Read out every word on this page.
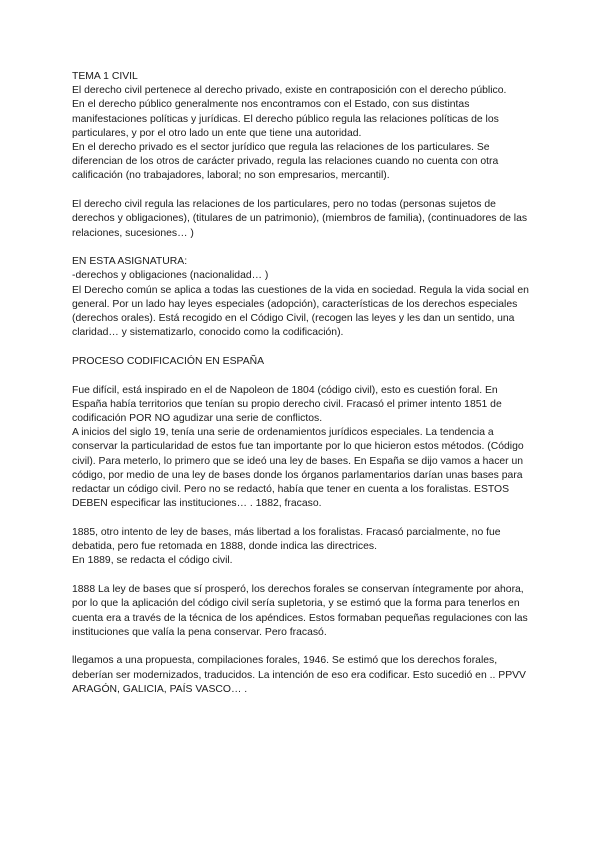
TEMA 1 CIVIL

El derecho civil pertenece al derecho privado, existe en contraposición con el derecho público.

En el derecho público generalmente nos encontramos con el Estado, con sus distintas manifestaciones políticas y jurídicas. El derecho público regula las relaciones políticas de los particulares, y por el otro lado un ente que tiene una autoridad.

En el derecho privado es el sector jurídico que regula las relaciones de los particulares. Se diferencian de los otros de carácter privado, regula las relaciones cuando no cuenta con otra calificación (no trabajadores, laboral; no son empresarios, mercantil).

El derecho civil regula las relaciones de los particulares, pero no todas (personas sujetos de derechos y obligaciones), (titulares de un patrimonio), (miembros de familia), (continuadores de las relaciones, sucesiones… )

EN ESTA ASIGNATURA:

-derechos y obligaciones (nacionalidad… )

El Derecho común se aplica a todas las cuestiones de la vida en sociedad. Regula la vida social en general. Por un lado hay leyes especiales (adopción), características de los derechos especiales (derechos orales). Está recogido en el Código Civil, (recogen las leyes y les dan un sentido, una claridad… y sistematizarlo, conocido como la codificación).

PROCESO CODIFICACIÓN EN ESPAÑA

Fue difícil, está inspirado en el de Napoleon de 1804 (código civil), esto es cuestión foral. En España había territorios que tenían su propio derecho civil. Fracasó el primer intento 1851 de codificación POR NO agudizar una serie de conflictos.

A inicios del siglo 19, tenía una serie de ordenamientos jurídicos especiales. La tendencia a conservar la particularidad de estos fue tan importante por lo que hicieron estos métodos. (Código civil). Para meterlo, lo primero que se ideó una ley de bases. En España se dijo vamos a hacer un código, por medio de una ley de bases donde los órganos parlamentarios darían unas bases para redactar un código civil. Pero no se redactó, había que tener en cuenta a los foralistas. ESTOS DEBEN especificar las instituciones… . 1882, fracaso.

1885, otro intento de ley de bases, más libertad a los foralistas. Fracasó parcialmente, no fue debatida, pero fue retomada en 1888, donde indica las directrices.

En 1889, se redacta el código civil.

1888 La ley de bases que sí prosperó, los derechos forales se conservan íntegramente por ahora, por lo que la aplicación del código civil sería supletoria, y se estimó que la forma para tenerlos en cuenta era a través de la técnica de los apéndices. Estos formaban pequeñas regulaciones con las instituciones que valía la pena conservar. Pero fracasó.

llegamos a una propuesta, compilaciones forales, 1946. Se estimó que los derechos forales, deberían ser modernizados, traducidos. La intención de eso era codificar. Esto sucedió en .. PPVV ARAGÓN, GALICIA, PAÍS VASCO… .
